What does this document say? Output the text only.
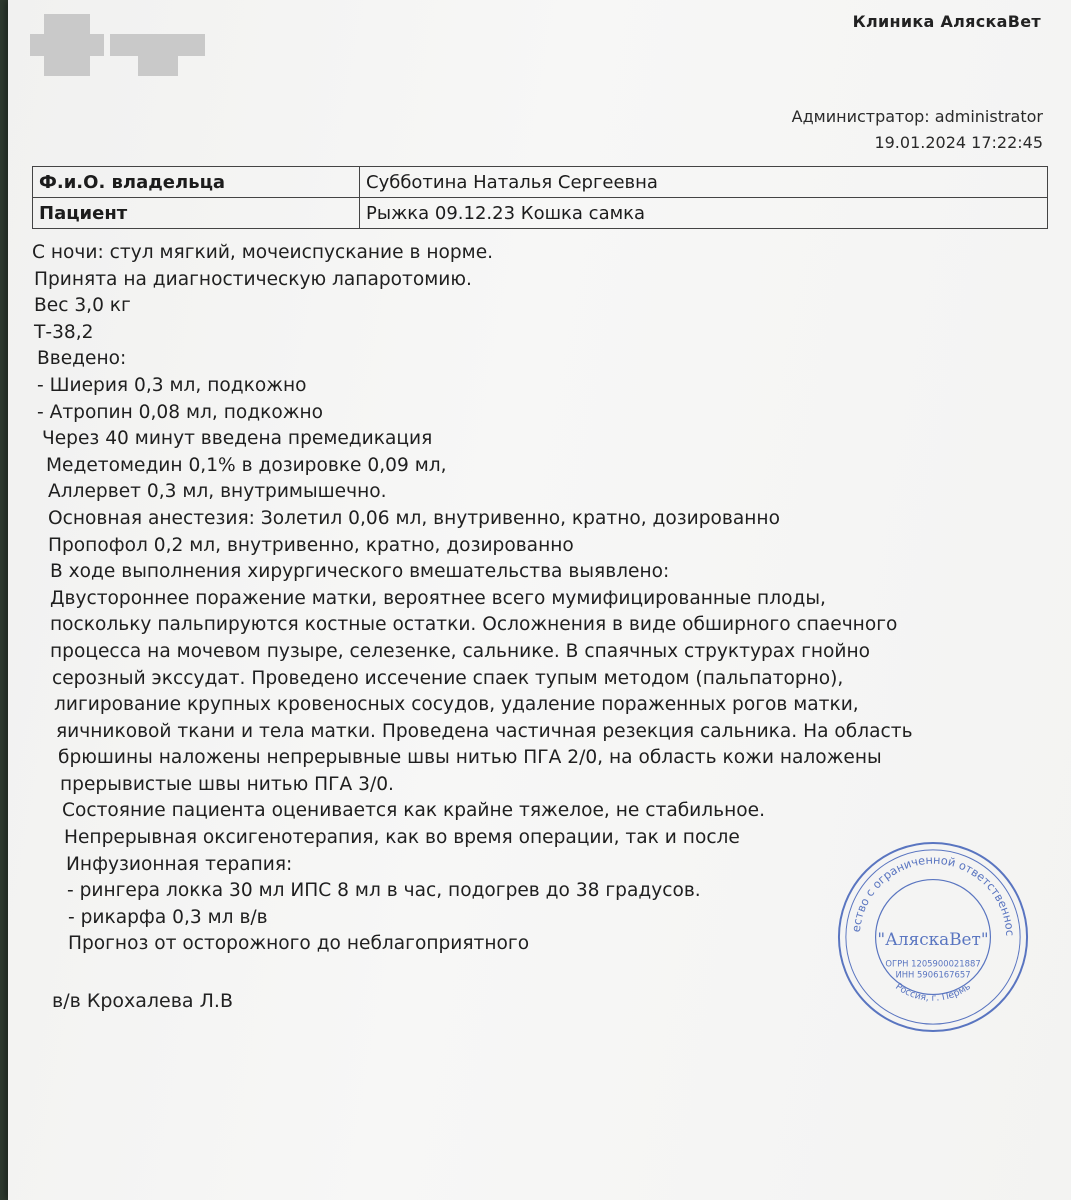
Клиника АляскаВет
Администратор: administrator
19.01.2024 17:22:45
Ф.и.О. владельца	Субботина Наталья Сергеевна
Пациент	Рыжка 09.12.23 Кошка самка
С ночи: стул мягкий, мочеиспускание в норме.
Принята на диагностическую лапаротомию.
Вес 3,0 кг
Т-38,2
Введено:
- Шиерия 0,3 мл, подкожно
- Атропин 0,08 мл, подкожно
Через 40 минут введена премедикация
Медетомедин 0,1% в дозировке 0,09 мл,
Аллервет 0,3 мл, внутримышечно.
Основная анестезия: Золетил 0,06 мл, внутривенно, кратно, дозированно
Пропофол 0,2 мл, внутривенно, кратно, дозированно
В ходе выполнения хирургического вмешательства выявлено:
Двустороннее поражение матки, вероятнее всего мумифицированные плоды,
поскольку пальпируются костные остатки. Осложнения в виде обширного спаечного
процесса на мочевом пузыре, селезенке, сальнике. В спаячных структурах гнойно
серозный экссудат. Проведено иссечение спаек тупым методом (пальпаторно),
лигирование крупных кровеносных сосудов, удаление пораженных рогов матки,
яичниковой ткани и тела матки. Проведена частичная резекция сальника. На область
брюшины наложены непрерывные швы нитью ПГА 2/0, на область кожи наложены
прерывистые швы нитью ПГА 3/0.
Состояние пациента оценивается как крайне тяжелое, не стабильное.
Непрерывная оксигенотерапия, как во время операции, так и после
Инфузионная терапия:
- рингера локка 30 мл ИПС 8 мл в час, подогрев до 38 градусов.
- рикарфа 0,3 мл в/в
Прогноз от осторожного до неблагоприятного
в/в Крохалева Л.В
ество с ограниченной ответственнос
"АляскаВет"
ОГРН 1205900021887
ИНН 5906167657
Россия, г. Пермь
